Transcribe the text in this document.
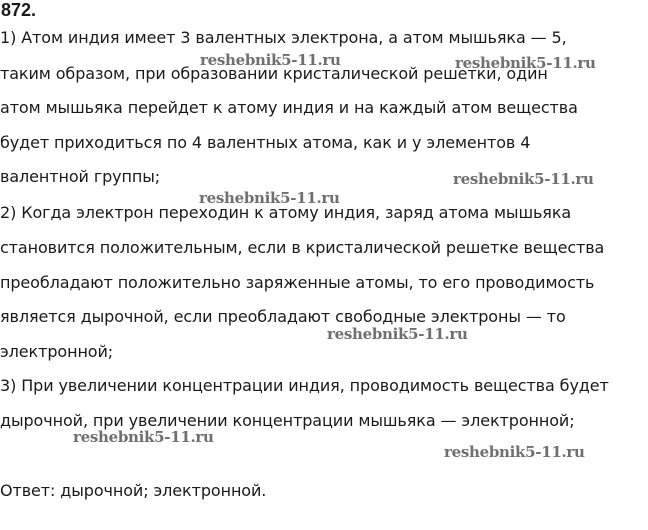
872.
1) Атом индия имеет 3 валентных электрона, а атом мышьяка — 5,
таким образом, при образовании кристалической решетки, один
атом мышьяка перейдет к атому индия и на каждый атом вещества
будет приходиться по 4 валентных атома, как и у элементов 4
валентной группы;
2) Когда электрон переходин к атому индия, заряд атома мышьяка
становится положительным, если в кристалической решетке вещества
преобладают положительно заряженные атомы, то его проводимость
является дырочной, если преобладают свободные электроны — то
электронной;
3) При увеличении концентрации индия, проводимость вещества будет
дырочной, при увеличении концентрации мышьяка — электронной;
Ответ: дырочной; электронной.
reshebnik5-11.ru	reshebnik5-11.ru
reshebnik5-11.ru
reshebnik5-11.ru
reshebnik5-11.ru
reshebnik5-11.ru
reshebnik5-11.ru
